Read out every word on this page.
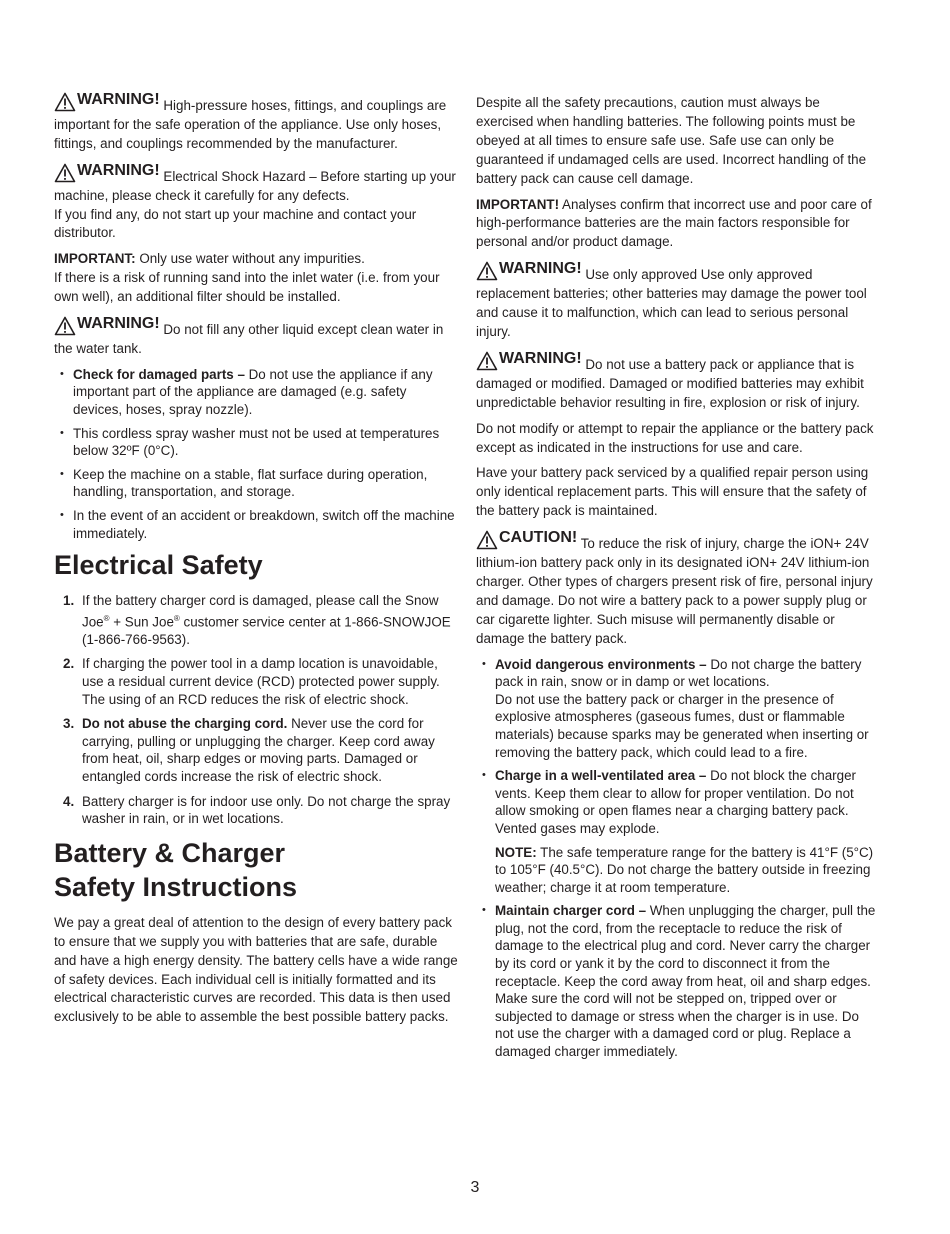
WARNING! High-pressure hoses, fittings, and couplings are important for the safe operation of the appliance. Use only hoses, fittings, and couplings recommended by the manufacturer.

WARNING! Electrical Shock Hazard – Before starting up your machine, please check it carefully for any defects.

If you find any, do not start up your machine and contact your distributor.

IMPORTANT: Only use water without any impurities.

If there is a risk of running sand into the inlet water (i.e. from your own well), an additional filter should be installed.

WARNING! Do not fill any other liquid except clean water in the water tank.

• Check for damaged parts – Do not use the appliance if any important part of the appliance are damaged (e.g. safety devices, hoses, spray nozzle).
• This cordless spray washer must not be used at temperatures below 32ºF (0°C).
• Keep the machine on a stable, flat surface during operation, handling, transportation, and storage.
• In the event of an accident or breakdown, switch off the machine immediately.
Electrical Safety
1. If the battery charger cord is damaged, please call the Snow Joe® + Sun Joe® customer service center at 1-866-SNOWJOE (1-866-766-9563).
2. If charging the power tool in a damp location is unavoidable, use a residual current device (RCD) protected power supply. The using of an RCD reduces the risk of electric shock.
3. Do not abuse the charging cord. Never use the cord for carrying, pulling or unplugging the charger. Keep cord away from heat, oil, sharp edges or moving parts. Damaged or entangled cords increase the risk of electric shock.
4. Battery charger is for indoor use only. Do not charge the spray washer in rain, or in wet locations.
Battery & Charger
Safety Instructions

We pay a great deal of attention to the design of every battery pack to ensure that we supply you with batteries that are safe, durable and have a high energy density. The battery cells have a wide range of safety devices. Each individual cell is initially formatted and its electrical characteristic curves are recorded. This data is then used exclusively to be able to assemble the best possible battery packs.

Despite all the safety precautions, caution must always be exercised when handling batteries. The following points must be obeyed at all times to ensure safe use. Safe use can only be guaranteed if undamaged cells are used. Incorrect handling of the battery pack can cause cell damage.

IMPORTANT! Analyses confirm that incorrect use and poor care of high-performance batteries are the main factors responsible for personal and/or product damage.

WARNING! Use only approved Use only approved replacement batteries; other batteries may damage the power tool and cause it to malfunction, which can lead to serious personal injury.

WARNING! Do not use a battery pack or appliance that is damaged or modified. Damaged or modified batteries may exhibit unpredictable behavior resulting in fire, explosion or risk of injury.

Do not modify or attempt to repair the appliance or the battery pack except as indicated in the instructions for use and care.

Have your battery pack serviced by a qualified repair person using only identical replacement parts. This will ensure that the safety of the battery pack is maintained.

CAUTION! To reduce the risk of injury, charge the iON+ 24V lithium-ion battery pack only in its designated iON+ 24V lithium-ion charger. Other types of chargers present risk of fire, personal injury and damage. Do not wire a battery pack to a power supply plug or car cigarette lighter. Such misuse will permanently disable or damage the battery pack.

• Avoid dangerous environments – Do not charge the battery pack in rain, snow or in damp or wet locations.
Do not use the battery pack or charger in the presence of explosive atmospheres (gaseous fumes, dust or flammable materials) because sparks may be generated when inserting or removing the battery pack, which could lead to a fire.
• Charge in a well-ventilated area – Do not block the charger vents. Keep them clear to allow for proper ventilation. Do not allow smoking or open flames near a charging battery pack. Vented gases may explode.

NOTE: The safe temperature range for the battery is 41°F (5°C) to 105°F (40.5°C). Do not charge the battery outside in freezing weather; charge it at room temperature.

• Maintain charger cord – When unplugging the charger, pull the plug, not the cord, from the receptacle to reduce the risk of damage to the electrical plug and cord. Never carry the charger by its cord or yank it by the cord to disconnect it from the receptacle. Keep the cord away from heat, oil and sharp edges. Make sure the cord will not be stepped on, tripped over or subjected to damage or stress when the charger is in use. Do not use the charger with a damaged cord or plug. Replace a damaged charger immediately.
3
